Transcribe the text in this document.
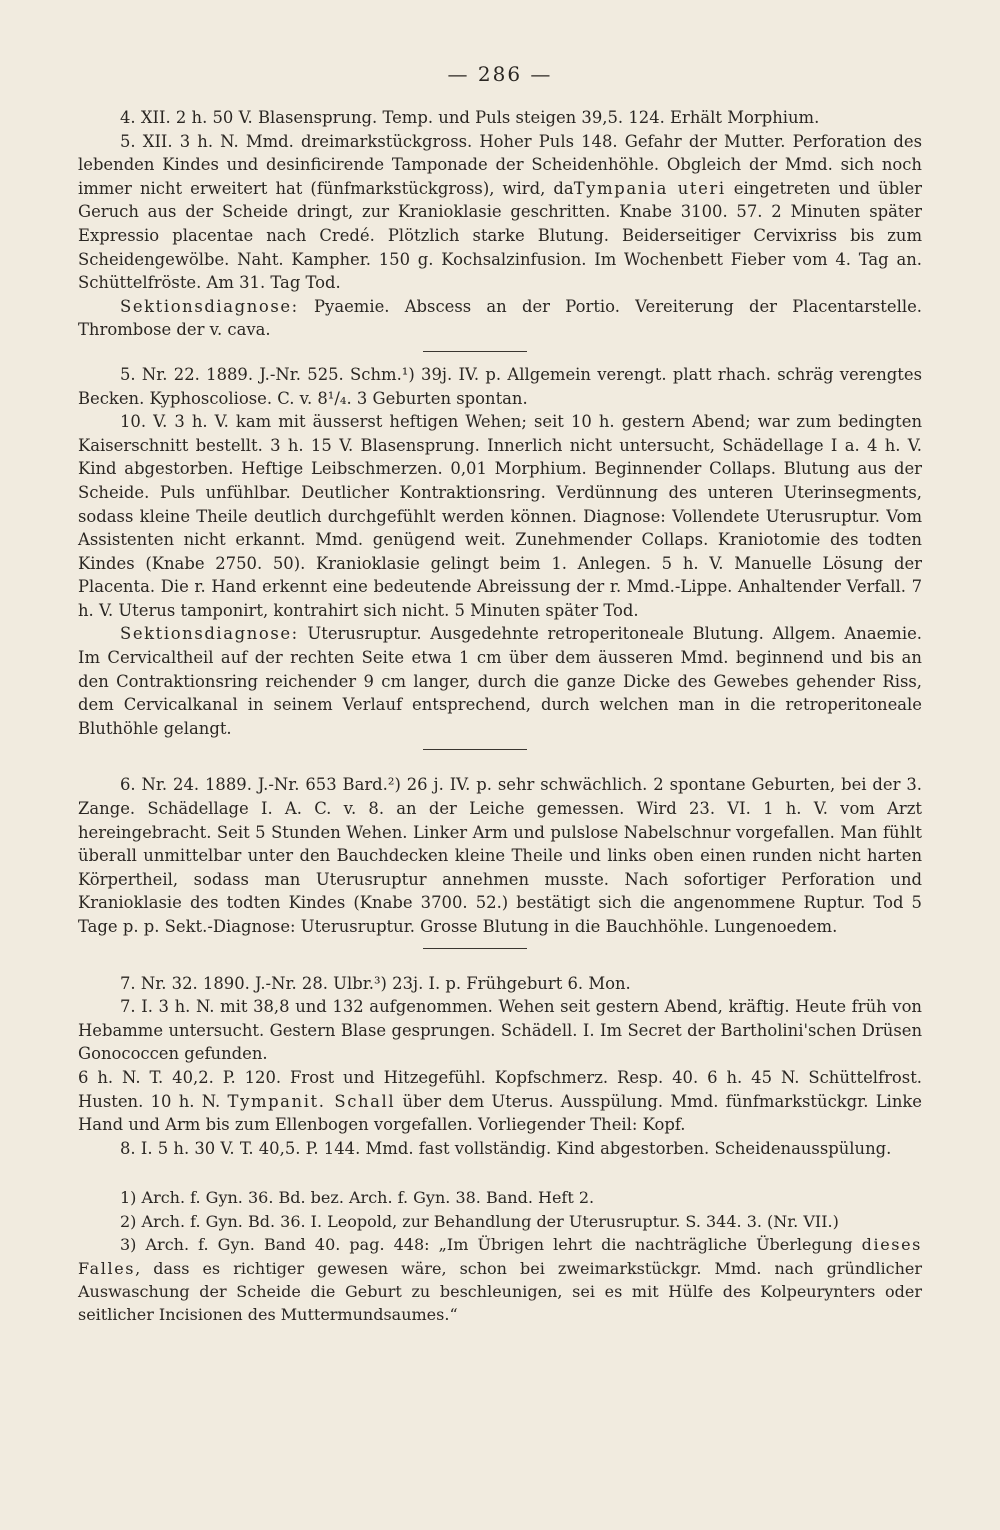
— 286 —

4. XII. 2 h. 50 V. Blasensprung. Temp. und Puls steigen 39,5. 124. Erhält Morphium.

5. XII. 3 h. N. Mmd. dreimarkstückgross. Hoher Puls 148. Gefahr der Mutter. Perforation des lebenden Kindes und desinficirende Tamponade der Scheidenhöhle. Obgleich der Mmd. sich noch immer nicht erweitert hat (fünfmarkstückgross), wird, daTympania uteri eingetreten und übler Geruch aus der Scheide dringt, zur Kranioklasie geschritten. Knabe 3100. 57. 2 Minuten später Expressio placentae nach Credé. Plötzlich starke Blutung. Beiderseitiger Cervixriss bis zum Scheidengewölbe. Naht. Kampher. 150 g. Kochsalzinfusion. Im Wochenbett Fieber vom 4. Tag an. Schüttelfröste. Am 31. Tag Tod.

Sektionsdiagnose: Pyaemie. Abscess an der Portio. Vereiterung der Placentarstelle. Thrombose der v. cava.

5. Nr. 22. 1889. J.-Nr. 525. Schm.¹) 39j. IV. p. Allgemein verengt. platt rhach. schräg verengtes Becken. Kyphoscoliose. C. v. 8¹/₄. 3 Geburten spontan.

10. V. 3 h. V. kam mit äusserst heftigen Wehen; seit 10 h. gestern Abend; war zum bedingten Kaiserschnitt bestellt. 3 h. 15 V. Blasensprung. Innerlich nicht untersucht, Schädellage I a. 4 h. V. Kind abgestorben. Heftige Leibschmerzen. 0,01 Morphium. Beginnender Collaps. Blutung aus der Scheide. Puls unfühlbar. Deutlicher Kontraktionsring. Verdünnung des unteren Uterinsegments, sodass kleine Theile deutlich durchgefühlt werden können. Diagnose: Vollendete Uterusruptur. Vom Assistenten nicht erkannt. Mmd. genügend weit. Zunehmender Collaps. Kraniotomie des todten Kindes (Knabe 2750. 50). Kranioklasie gelingt beim 1. Anlegen. 5 h. V. Manuelle Lösung der Placenta. Die r. Hand erkennt eine bedeutende Abreissung der r. Mmd.-Lippe. Anhaltender Verfall. 7 h. V. Uterus tamponirt, kontrahirt sich nicht. 5 Minuten später Tod.

Sektionsdiagnose: Uterusruptur. Ausgedehnte retroperitoneale Blutung. Allgem. Anaemie. Im Cervicaltheil auf der rechten Seite etwa 1 cm über dem äusseren Mmd. beginnend und bis an den Contraktionsring reichender 9 cm langer, durch die ganze Dicke des Gewebes gehender Riss, dem Cervicalkanal in seinem Verlauf entsprechend, durch welchen man in die retroperitoneale Bluthöhle gelangt.

6. Nr. 24. 1889. J.-Nr. 653 Bard.²) 26 j. IV. p. sehr schwächlich. 2 spontane Geburten, bei der 3. Zange. Schädellage I. A. C. v. 8. an der Leiche gemessen. Wird 23. VI. 1 h. V. vom Arzt hereingebracht. Seit 5 Stunden Wehen. Linker Arm und pulslose Nabelschnur vorgefallen. Man fühlt überall unmittelbar unter den Bauchdecken kleine Theile und links oben einen runden nicht harten Körpertheil, sodass man Uterusruptur annehmen musste. Nach sofortiger Perforation und Kranioklasie des todten Kindes (Knabe 3700. 52.) bestätigt sich die angenommene Ruptur. Tod 5 Tage p. p. Sekt.-Diagnose: Uterusruptur. Grosse Blutung in die Bauchhöhle. Lungenoedem.

7. Nr. 32. 1890. J.-Nr. 28. Ulbr.³) 23j. I. p. Frühgeburt 6. Mon.

7. I. 3 h. N. mit 38,8 und 132 aufgenommen. Wehen seit gestern Abend, kräftig. Heute früh von Hebamme untersucht. Gestern Blase gesprungen. Schädell. I. Im Secret der Bartholini'schen Drüsen Gonococcen gefunden.

6 h. N. T. 40,2. P. 120. Frost und Hitzegefühl. Kopfschmerz. Resp. 40. 6 h. 45 N. Schüttelfrost. Husten. 10 h. N. Tympanit. Schall über dem Uterus. Ausspülung. Mmd. fünfmarkstückgr. Linke Hand und Arm bis zum Ellenbogen vorgefallen. Vorliegender Theil: Kopf.

8. I. 5 h. 30 V. T. 40,5. P. 144. Mmd. fast vollständig. Kind abgestorben. Scheidenausspülung.

1) Arch. f. Gyn. 36. Bd. bez. Arch. f. Gyn. 38. Band. Heft 2.

2) Arch. f. Gyn. Bd. 36. I. Leopold, zur Behandlung der Uterusruptur. S. 344. 3. (Nr. VII.)

3) Arch. f. Gyn. Band 40. pag. 448: „Im Übrigen lehrt die nachträgliche Überlegung dieses Falles, dass es richtiger gewesen wäre, schon bei zweimarkstückgr. Mmd. nach gründlicher Auswaschung der Scheide die Geburt zu beschleunigen, sei es mit Hülfe des Kolpeurynters oder seitlicher Incisionen des Muttermundsaumes.“
